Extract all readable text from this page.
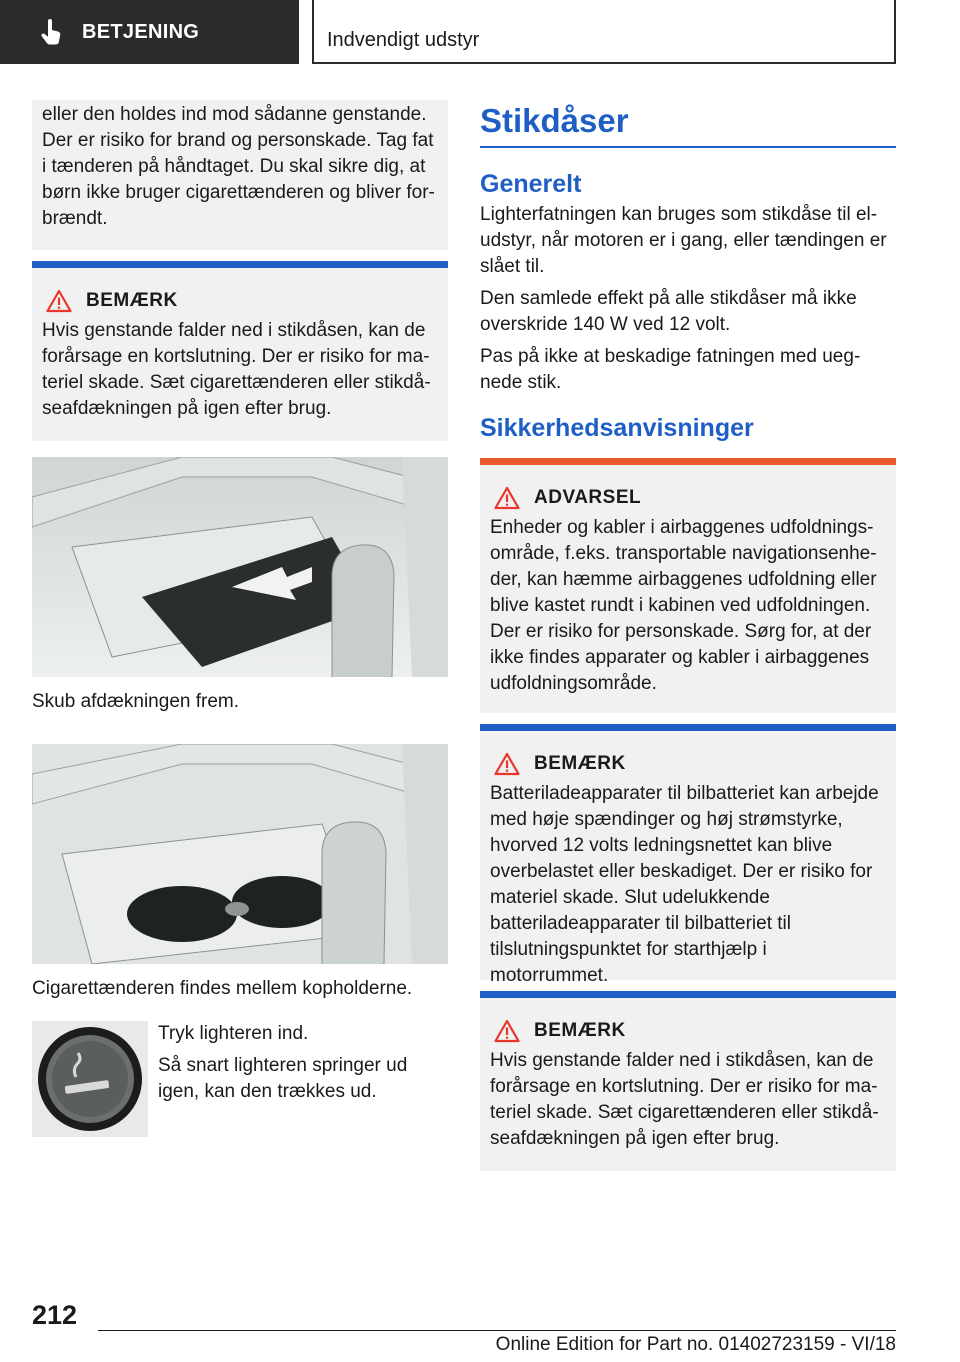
BETJENING	Indvendigt udstyr

eller den holdes ind mod sådanne genstande. Der er risiko for brand og personskade. Tag fat i tænderen på håndtaget. Du skal sikre dig, at børn ikke bruger cigarettænderen og bliver forbrændt.

BEMÆRK

Hvis genstande falder ned i stikdåsen, kan de forårsage en kortslutning. Der er risiko for materiel skade. Sæt cigarettænderen eller stikdåseafdækningen på igen efter brug.

Skub afdækningen frem.

Cigarettænderen findes mellem kopholderne.

Tryk lighteren ind.

Så snart lighteren springer ud igen, kan den trækkes ud.

Stikdåser
Generelt

Lighterfatningen kan bruges som stikdåse til eludstyr, når motoren er i gang, eller tændingen er slået til.

Den samlede effekt på alle stikdåser må ikke overskride 140 W ved 12 volt.

Pas på ikke at beskadige fatningen med uegnede stik.

Sikkerhedsanvisninger
ADVARSEL

Enheder og kabler i airbaggenes udfoldningsområde, f.eks. transportable navigationsenheder, kan hæmme airbaggenes udfoldning eller blive kastet rundt i kabinen ved udfoldningen. Der er risiko for personskade. Sørg for, at der ikke findes apparater og kabler i airbaggenes udfoldningsområde.

BEMÆRK

Batteriladeapparater til bilbatteriet kan arbejde med høje spændinger og høj strømstyrke, hvorved 12 volts ledningsnettet kan blive overbelastet eller beskadiget. Der er risiko for materiel skade. Slut udelukkende batteriladeapparater til bilbatteriet til tilslutningspunktet for starthjælp i motorrummet.

BEMÆRK

Hvis genstande falder ned i stikdåsen, kan de forårsage en kortslutning. Der er risiko for materiel skade. Sæt cigarettænderen eller stikdåseafdækningen på igen efter brug.

212
Online Edition for Part no. 01402723159 - VI/18
